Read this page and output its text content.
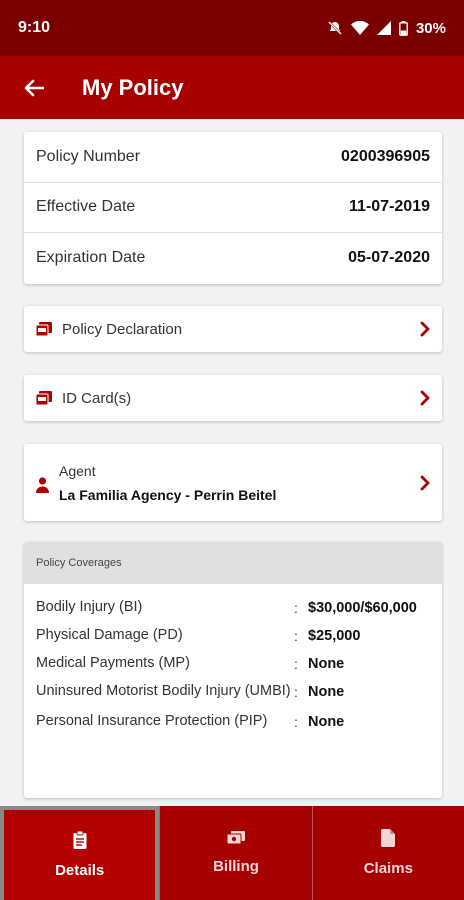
9:10	30%
My Policy
Policy Number	0200396905
Effective Date	11-07-2019
Expiration Date	05-07-2020
Policy Declaration
ID Card(s)
Agent
La Familia Agency - Perrin Beitel
Policy Coverages
Bodily Injury (BI)	: $30,000/$60,000
Physical Damage (PD)	: $25,000
Medical Payments (MP)	: None
Uninsured Motorist Bodily Injury (UMBI) : None
Personal Insurance Protection (PIP)	: None
Details	Billing	Claims
